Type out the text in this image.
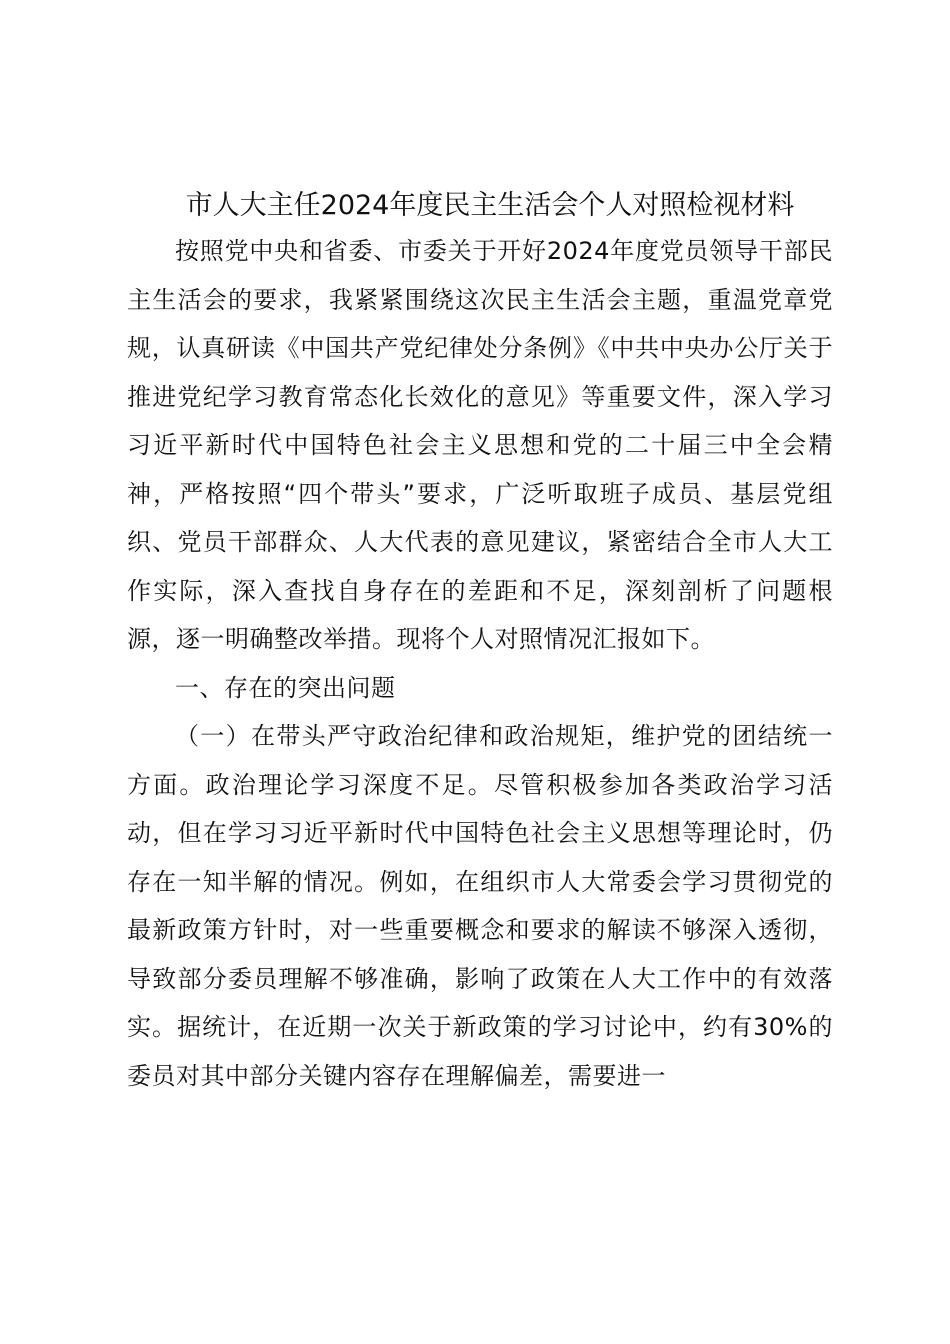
市人大主任2024年度民主生活会个人对照检视材料

按照党中央和省委、市委关于开好2024年度党员领导干部民主生活会的要求，我紧紧围绕这次民主生活会主题，重温党章党规，认真研读《中国共产党纪律处分条例》《中共中央办公厅关于推进党纪学习教育常态化长效化的意见》等重要文件，深入学习习近平新时代中国特色社会主义思想和党的二十届三中全会精神，严格按照“四个带头”要求，广泛听取班子成员、基层党组织、党员干部群众、人大代表的意见建议，紧密结合全市人大工作实际，深入查找自身存在的差距和不足，深刻剖析了问题根源，逐一明确整改举措。现将个人对照情况汇报如下。

一、存在的突出问题

（一）在带头严守政治纪律和政治规矩，维护党的团结统一方面。政治理论学习深度不足。尽管积极参加各类政治学习活动，但在学习习近平新时代中国特色社会主义思想等理论时，仍存在一知半解的情况。例如，在组织市人大常委会学习贯彻党的最新政策方针时，对一些重要概念和要求的解读不够深入透彻，导致部分委员理解不够准确，影响了政策在人大工作中的有效落实。据统计，在近期一次关于新政策的学习讨论中，约有30%的委员对其中部分关键内容存在理解偏差，需要进一
